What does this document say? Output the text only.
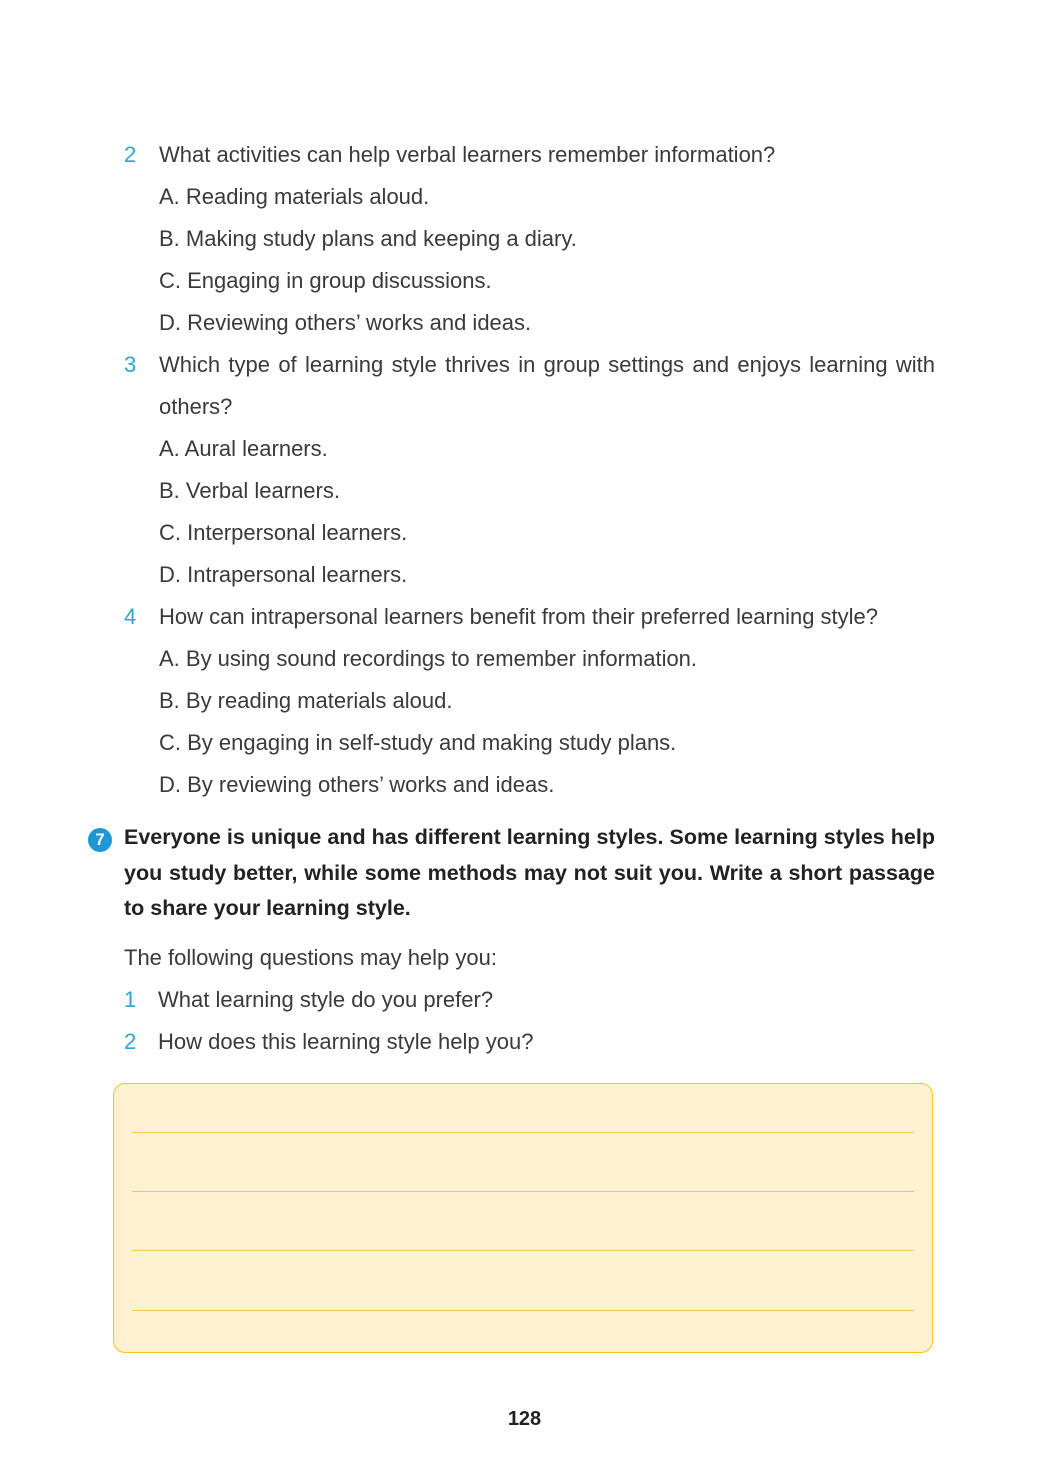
2 What activities can help verbal learners remember information?
A. Reading materials aloud.
B. Making study plans and keeping a diary.
C. Engaging in group discussions.
D. Reviewing others’ works and ideas.
3 Which type of learning style thrives in group settings and enjoys learning with others?
A. Aural learners.
B. Verbal learners.
C. Interpersonal learners.
D. Intrapersonal learners.
4 How can intrapersonal learners benefit from their preferred learning style?
A. By using sound recordings to remember information.
B. By reading materials aloud.
C. By engaging in self-study and making study plans.
D. By reviewing others’ works and ideas.
7 Everyone is unique and has different learning styles. Some learning styles help you study better, while some methods may not suit you. Write a short passage to share your learning style.
The following questions may help you:
1 What learning style do you prefer?
2 How does this learning style help you?
128
